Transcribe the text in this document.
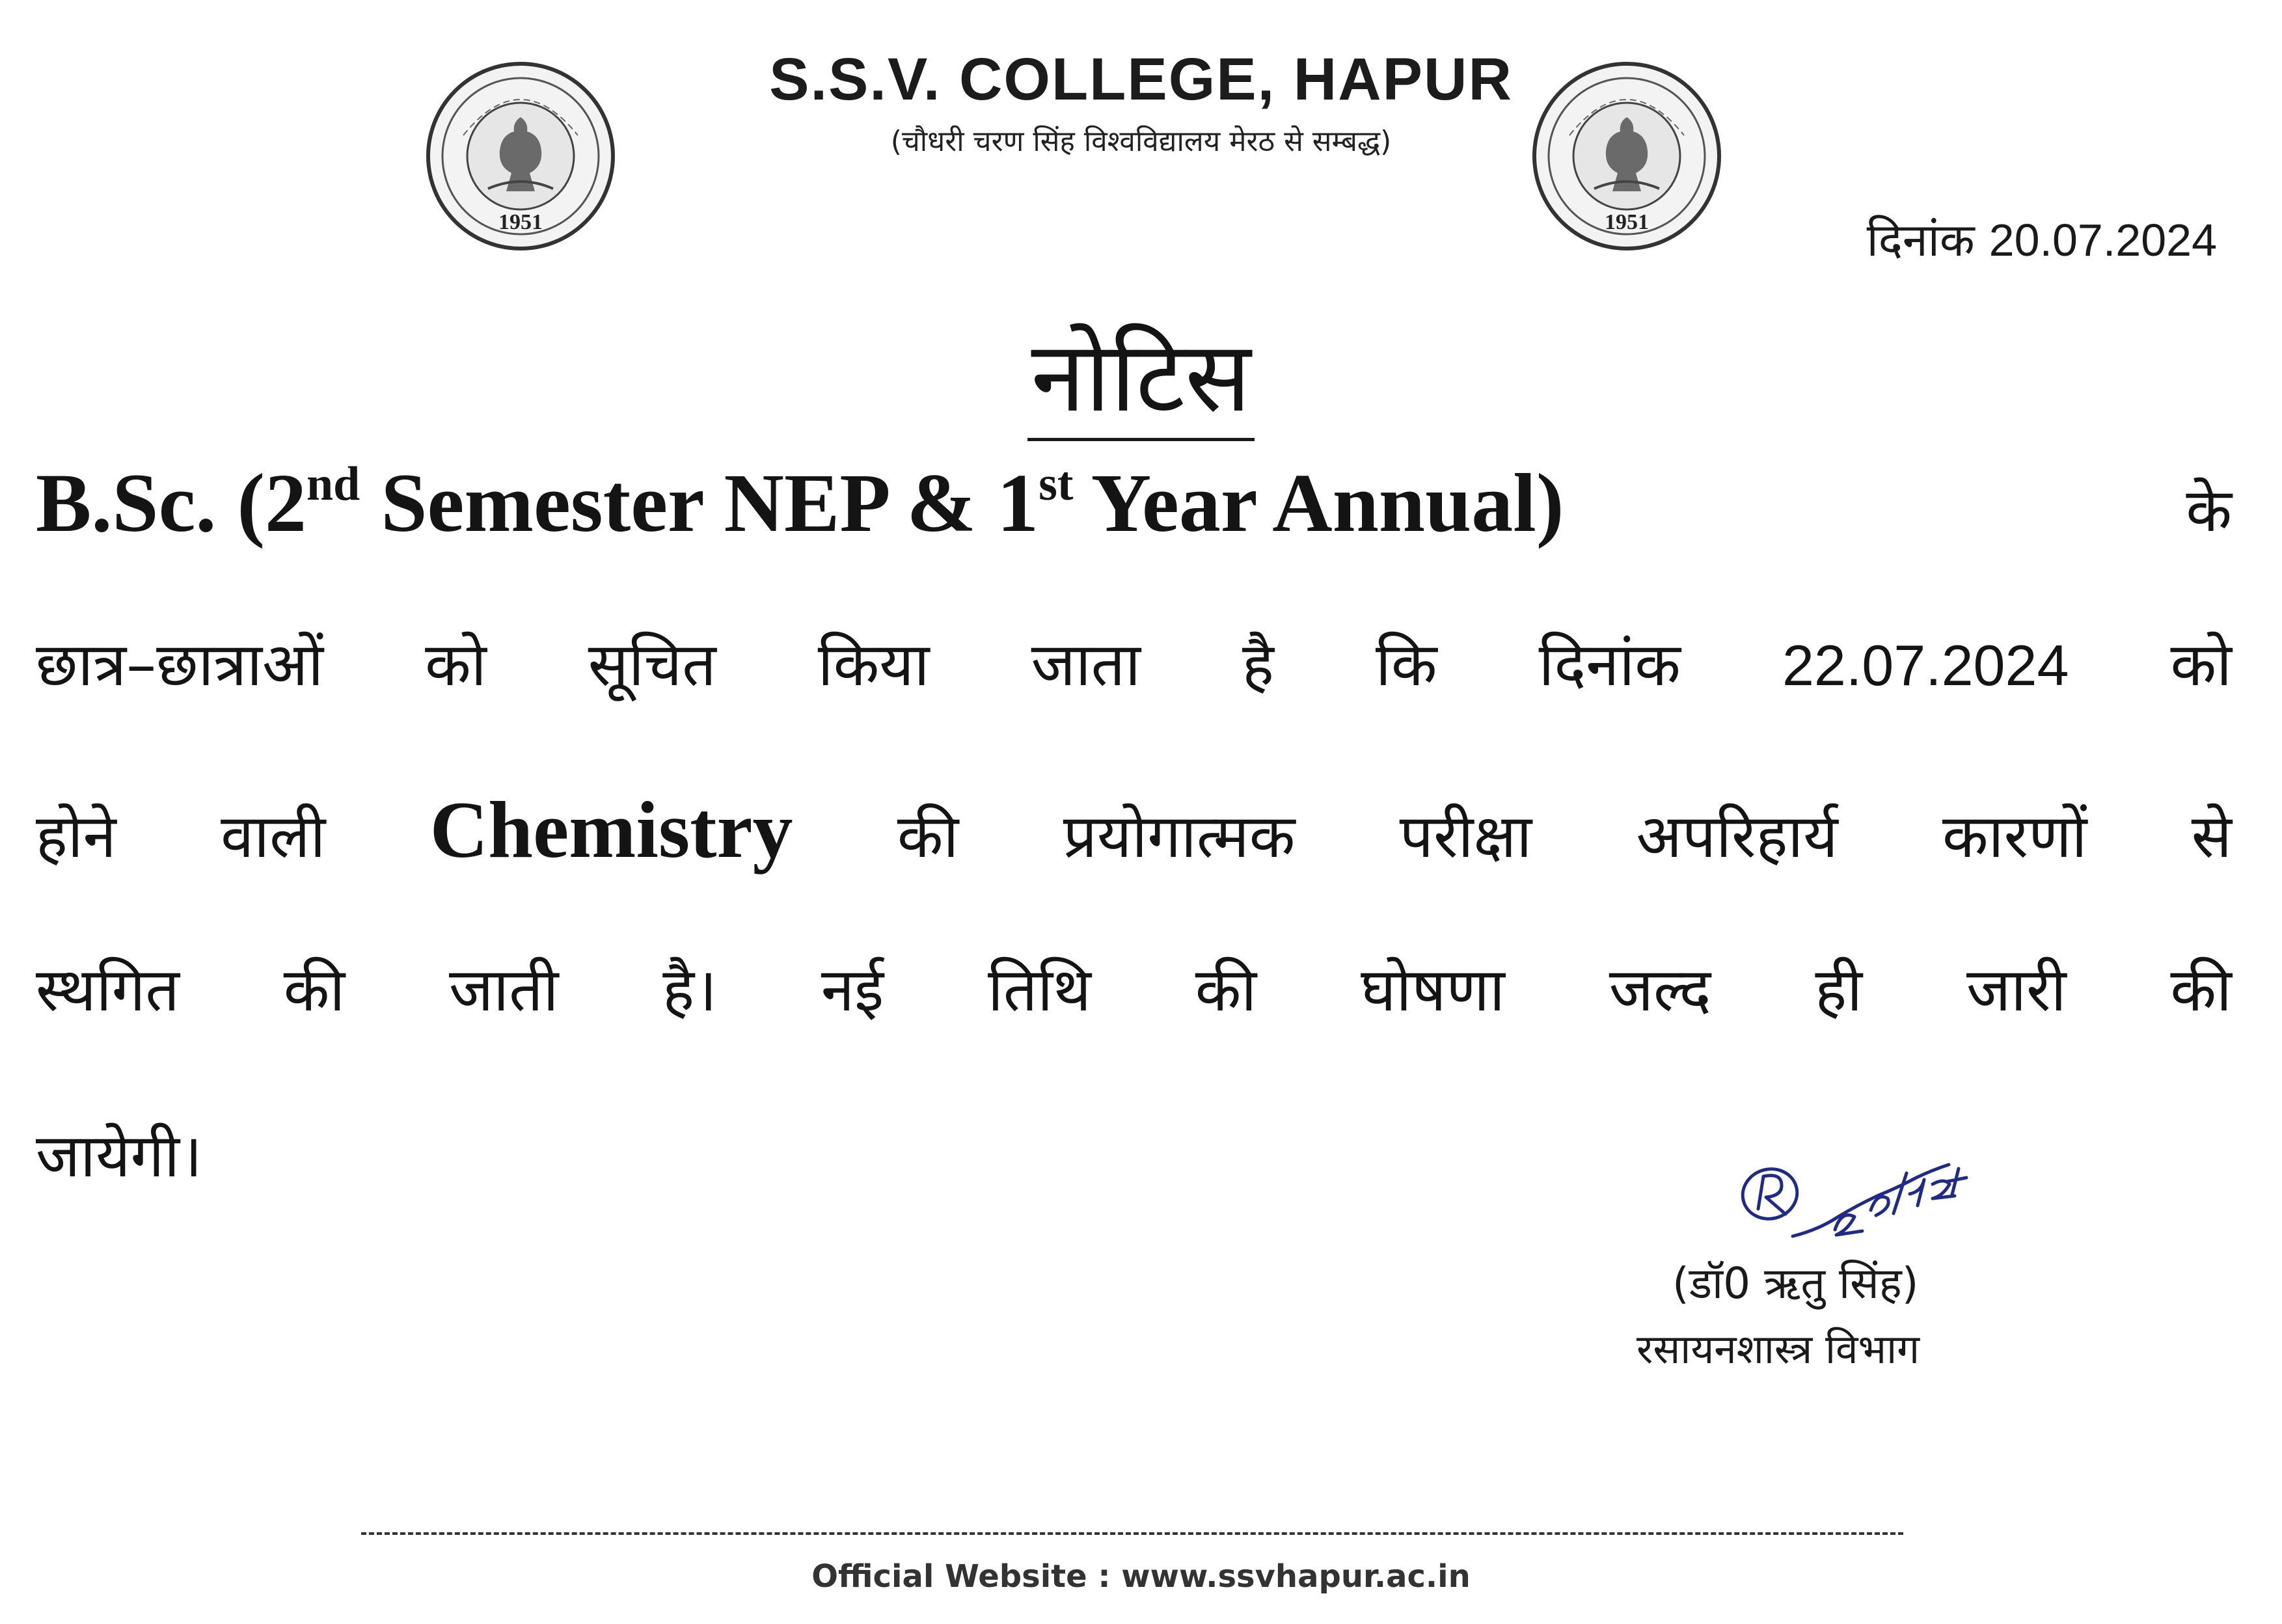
1951	1951
S.S.V. COLLEGE, HAPUR
(चौधरी चरण सिंह विश्वविद्यालय मेरठ से सम्बद्ध)
दिनांक 20.07.2024
नोटिस
B.Sc. (2nd Semester NEP & 1st Year Annual)	के
छात्र–छात्राओं को सूचित किया जाता है कि दिनांक 22.07.2024 को
होने वाली Chemistry की प्रयोगात्मक परीक्षा अपरिहार्य कारणों से
स्थगित की जाती है। नई तिथि की घोषणा जल्द ही जारी की
जायेगी।
(डॉ0 ऋतु सिंह)
रसायनशास्त्र विभाग
Official Website : www.ssvhapur.ac.in
